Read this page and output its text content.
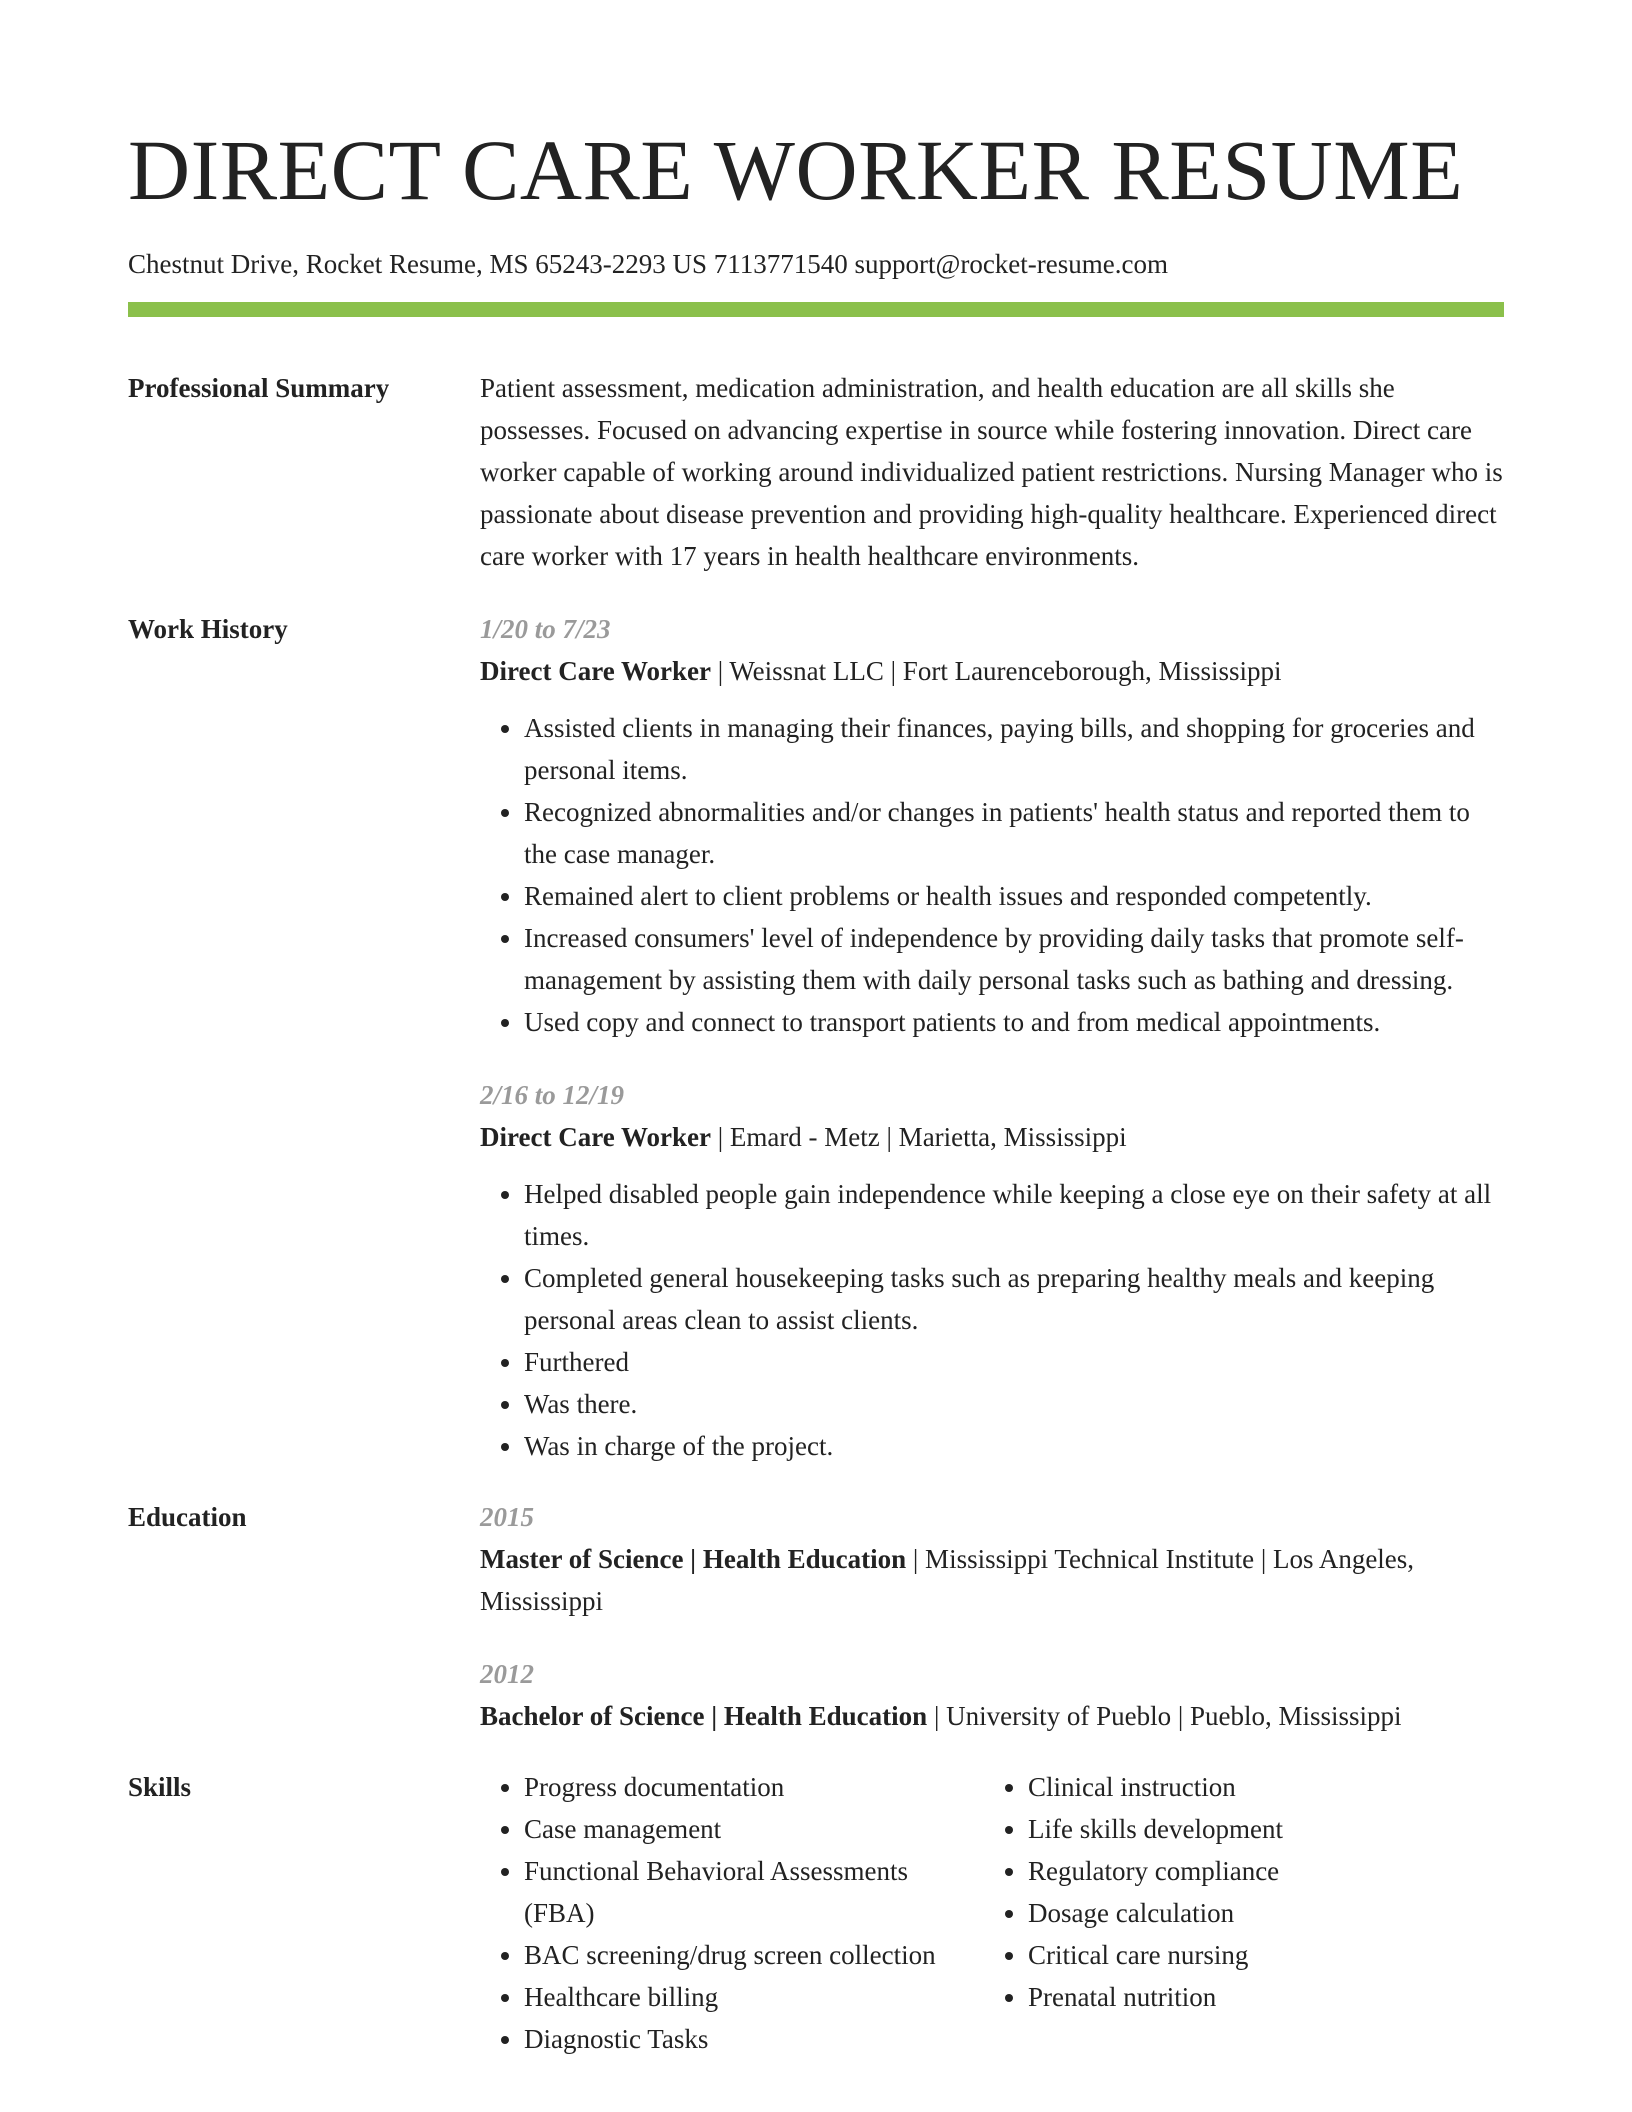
DIRECT CARE WORKER RESUME
Chestnut Drive, Rocket Resume, MS 65243-2293 US 7113771540 support@rocket-resume.com
Professional Summary	Patient assessment, medication administration, and health education are all skills she possesses. Focused on advancing expertise in source while fostering innovation. Direct care worker capable of working around individualized patient restrictions. Nursing Manager who is passionate about disease prevention and providing high-quality healthcare. Experienced direct care worker with 17 years in health healthcare environments.
Work History	1/20 to 7/23
Direct Care Worker | Weissnat LLC | Fort Laurenceborough, Mississippi
• Assisted clients in managing their finances, paying bills, and shopping for groceries and personal items.
• Recognized abnormalities and/or changes in patients' health status and reported them to the case manager.
• Remained alert to client problems or health issues and responded competently.
• Increased consumers' level of independence by providing daily tasks that promote self-management by assisting them with daily personal tasks such as bathing and dressing.
• Used copy and connect to transport patients to and from medical appointments.
2/16 to 12/19
Direct Care Worker | Emard - Metz | Marietta, Mississippi
• Helped disabled people gain independence while keeping a close eye on their safety at all times.
• Completed general housekeeping tasks such as preparing healthy meals and keeping personal areas clean to assist clients.
• Furthered
• Was there.
• Was in charge of the project.
Education	2015
Master of Science | Health Education | Mississippi Technical Institute | Los Angeles, Mississippi
2012
Bachelor of Science | Health Education | University of Pueblo | Pueblo, Mississippi
Skills
•	Progress documentation
• Case management
• Functional Behavioral Assessments (FBA)
• BAC screening/drug screen collection
• Healthcare billing
• Diagnostic Tasks
• Clinical instruction
• Life skills development
• Regulatory compliance
• Dosage calculation
• Critical care nursing
• Prenatal nutrition
